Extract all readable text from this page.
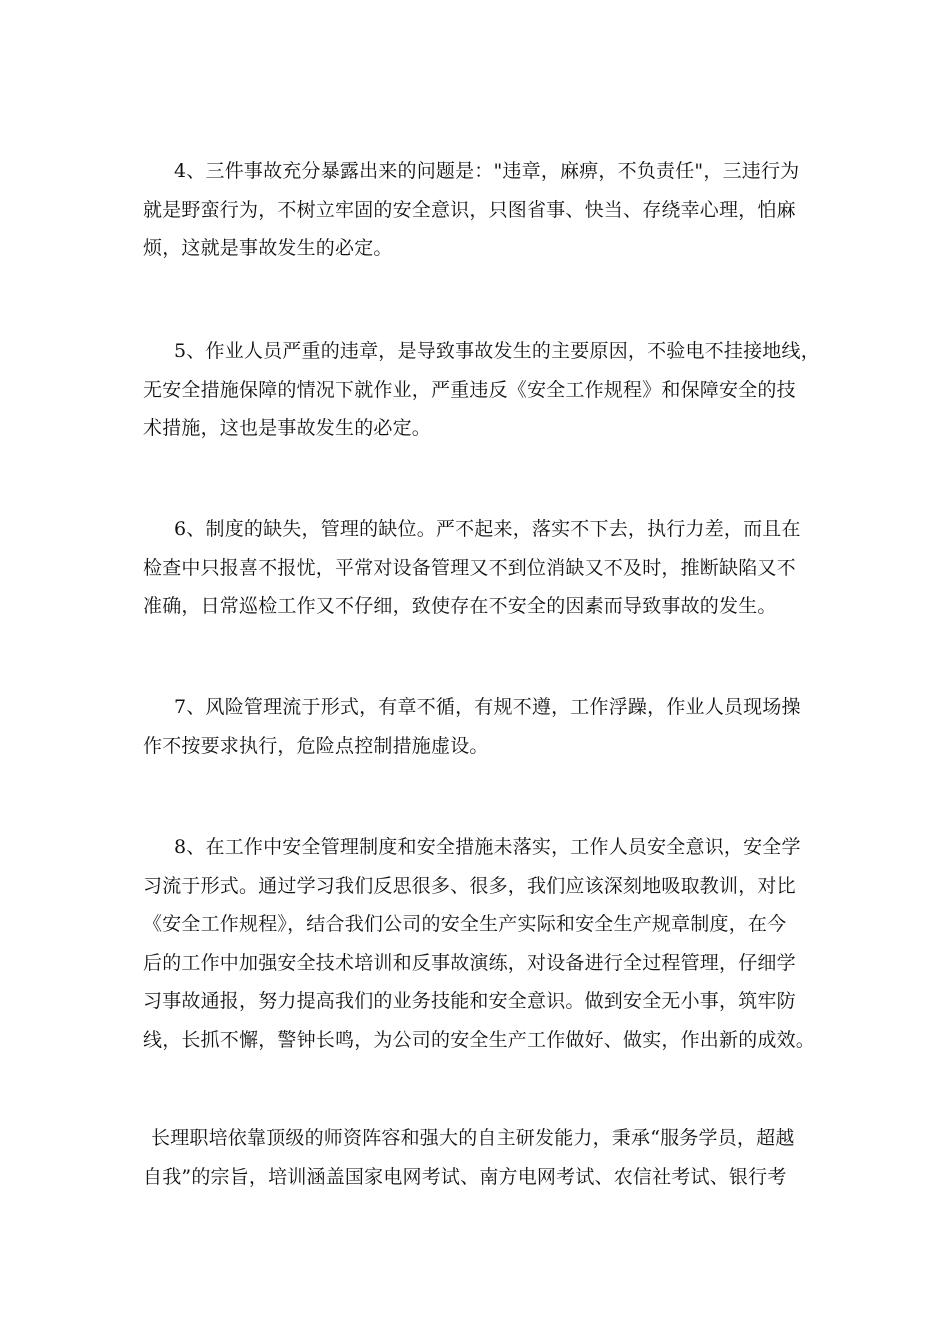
4、三件事故充分暴露出来的问题是："违章，麻痹，不负责任"，三违行为
就是野蛮行为，不树立牢固的安全意识，只图省事、快当、存绕幸心理，怕麻
烦，这就是事故发生的必定。
5、作业人员严重的违章，是导致事故发生的主要原因，不验电不挂接地线，
无安全措施保障的情况下就作业，严重违反《安全工作规程》和保障安全的技
术措施，这也是事故发生的必定。
6、制度的缺失，管理的缺位。严不起来，落实不下去，执行力差，而且在
检查中只报喜不报忧，平常对设备管理又不到位消缺又不及时，推断缺陷又不
准确，日常巡检工作又不仔细，致使存在不安全的因素而导致事故的发生。
7、风险管理流于形式，有章不循，有规不遵，工作浮躁，作业人员现场操
作不按要求执行，危险点控制措施虚设。
8、在工作中安全管理制度和安全措施未落实，工作人员安全意识，安全学
习流于形式。通过学习我们反思很多、很多，我们应该深刻地吸取教训，对比
《安全工作规程》，结合我们公司的安全生产实际和安全生产规章制度，在今
后的工作中加强安全技术培训和反事故演练，对设备进行全过程管理，仔细学
习事故通报，努力提高我们的业务技能和安全意识。做到安全无小事，筑牢防
线，长抓不懈，警钟长鸣，为公司的安全生产工作做好、做实，作出新的成效。
长理职培依靠顶级的师资阵容和强大的自主研发能力，秉承“服务学员，超越
自我”的宗旨，培训涵盖国家电网考试、南方电网考试、农信社考试、银行考
